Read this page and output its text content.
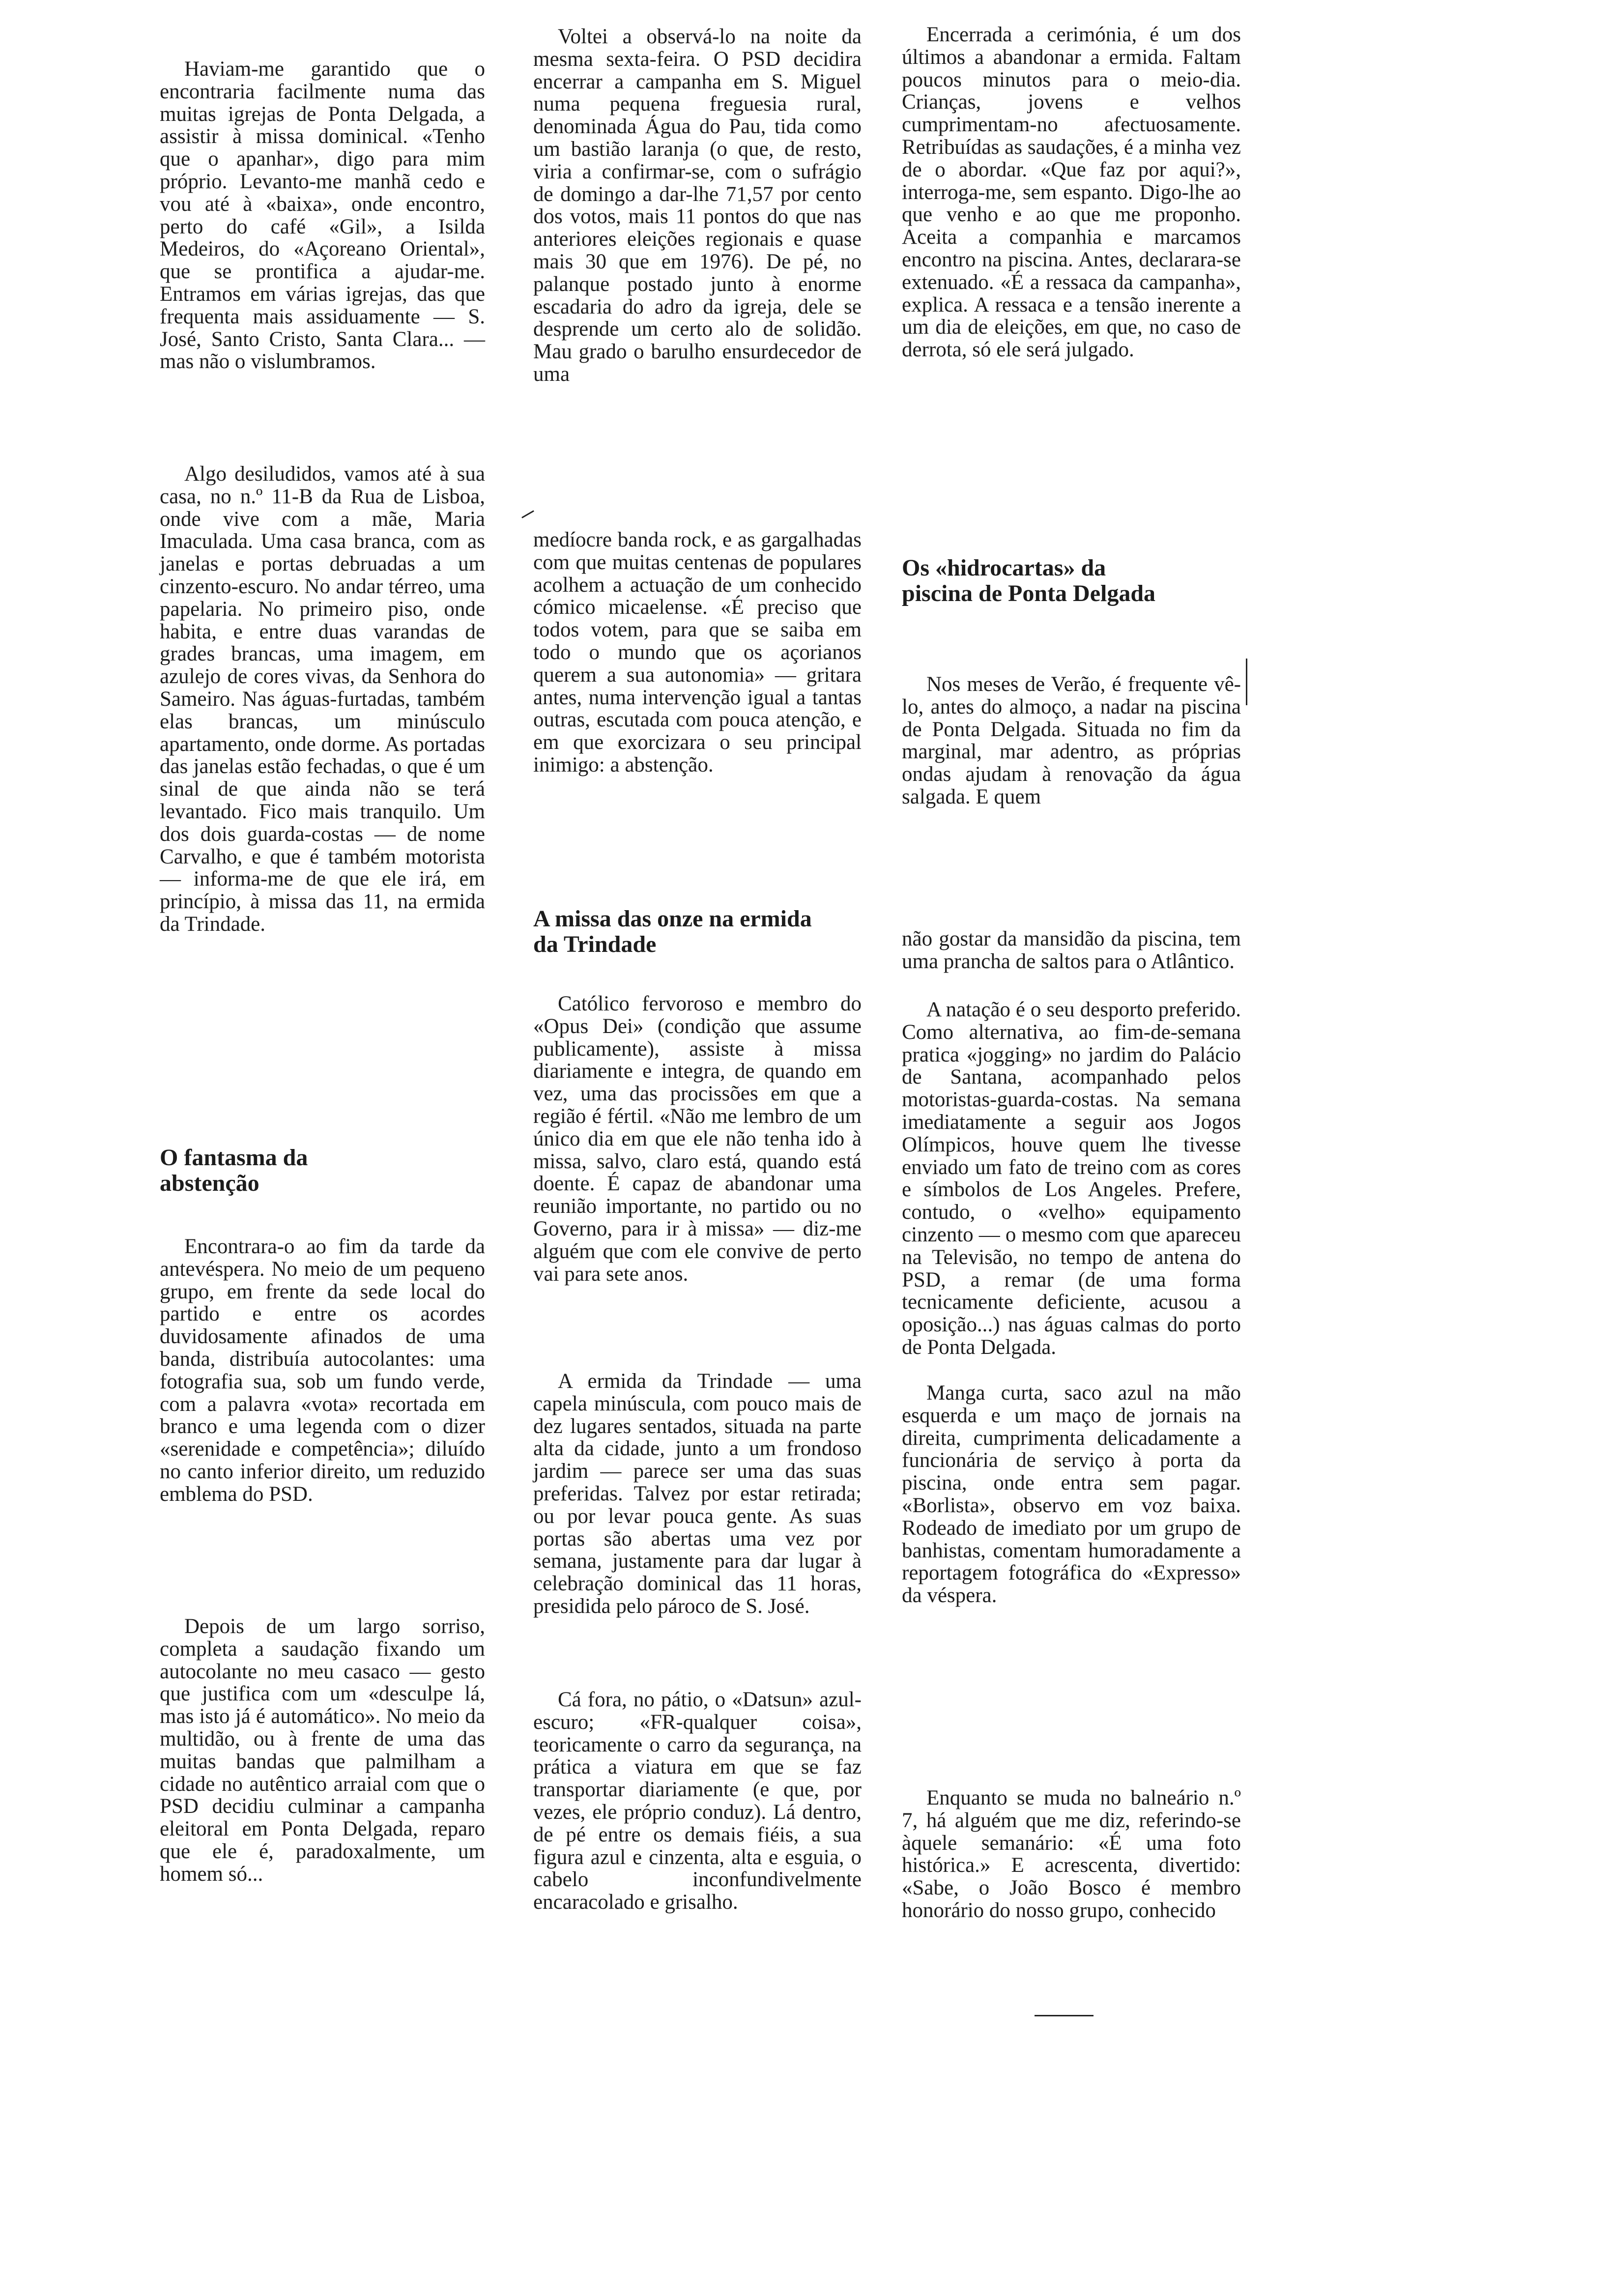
Haviam-me garantido que o encontraria facilmente numa das muitas igrejas de Ponta Delgada, a assistir à missa dominical. «Tenho que o apanhar», digo para mim próprio. Levanto-me manhã cedo e vou até à «baixa», onde encontro, perto do café «Gil», a Isilda Medeiros, do «Açoreano Oriental», que se prontifica a ajudar-me. Entramos em várias igrejas, das que frequenta mais assiduamente — S. José, Santo Cristo, Santa Clara... — mas não o vislumbramos.

Algo desiludidos, vamos até à sua casa, no n.º 11-B da Rua de Lisboa, onde vive com a mãe, Maria Imaculada. Uma casa branca, com as janelas e portas debruadas a um cinzento-escuro. No andar térreo, uma papelaria. No primeiro piso, onde habita, e entre duas varandas de grades brancas, uma imagem, em azulejo de cores vivas, da Senhora do Sameiro. Nas águas-furtadas, também elas brancas, um minúsculo apartamento, onde dorme. As portadas das janelas estão fechadas, o que é um sinal de que ainda não se terá levantado. Fico mais tranquilo. Um dos dois guarda-costas — de nome Carvalho, e que é também motorista — informa-me de que ele irá, em princípio, à missa das 11, na ermida da Trindade.

O fantasma da abstenção

Encontrara-o ao fim da tarde da antevéspera. No meio de um pequeno grupo, em frente da sede local do partido e entre os acordes duvidosamente afinados de uma banda, distribuía autocolantes: uma fotografia sua, sob um fundo verde, com a palavra «vota» recortada em branco e uma legenda com o dizer «serenidade e competência»; diluído no canto inferior direito, um reduzido emblema do PSD.

Depois de um largo sorriso, completa a saudação fixando um autocolante no meu casaco — gesto que justifica com um «desculpe lá, mas isto já é automático». No meio da multidão, ou à frente de uma das muitas bandas que palmilham a cidade no autêntico arraial com que o PSD decidiu culminar a campanha eleitoral em Ponta Delgada, reparo que ele é, paradoxalmente, um homem só...

Voltei a observá-lo na noite da mesma sexta-feira. O PSD decidira encerrar a campanha em S. Miguel numa pequena freguesia rural, denominada Água do Pau, tida como um bastião laranja (o que, de resto, viria a confirmar-se, com o sufrágio de domingo a dar-lhe 71,57 por cento dos votos, mais 11 pontos do que nas anteriores eleições regionais e quase mais 30 que em 1976). De pé, no palanque postado junto à enorme escadaria do adro da igreja, dele se desprende um certo alo de solidão. Mau grado o barulho ensurdecedor de uma

medíocre banda rock, e as gargalhadas com que muitas centenas de populares acolhem a actuação de um conhecido cómico micaelense. «É preciso que todos votem, para que se saiba em todo o mundo que os açorianos querem a sua autonomia» — gritara antes, numa intervenção igual a tantas outras, escutada com pouca atenção, e em que exorcizara o seu principal inimigo: a abstenção.

A missa das onze na ermida da Trindade

Católico fervoroso e membro do «Opus Dei» (condição que assume publicamente), assiste à missa diariamente e integra, de quando em vez, uma das procissões em que a região é fértil. «Não me lembro de um único dia em que ele não tenha ido à missa, salvo, claro está, quando está doente. É capaz de abandonar uma reunião importante, no partido ou no Governo, para ir à missa» — diz-me alguém que com ele convive de perto vai para sete anos.

A ermida da Trindade — uma capela minúscula, com pouco mais de dez lugares sentados, situada na parte alta da cidade, junto a um frondoso jardim — parece ser uma das suas preferidas. Talvez por estar retirada; ou por levar pouca gente. As suas portas são abertas uma vez por semana, justamente para dar lugar à celebração dominical das 11 horas, presidida pelo pároco de S. José.

Cá fora, no pátio, o «Datsun» azul-escuro; «FR-qualquer coisa», teoricamente o carro da segurança, na prática a viatura em que se faz transportar diariamente (e que, por vezes, ele próprio conduz). Lá dentro, de pé entre os demais fiéis, a sua figura azul e cinzenta, alta e esguia, o cabelo inconfundivelmente encaracolado e grisalho.

Encerrada a cerimónia, é um dos últimos a abandonar a ermida. Faltam poucos minutos para o meio-dia. Crianças, jovens e velhos cumprimentam-no afectuosamente. Retribuídas as saudações, é a minha vez de o abordar. «Que faz por aqui?», interroga-me, sem espanto. Digo-lhe ao que venho e ao que me proponho. Aceita a companhia e marcamos encontro na piscina. Antes, declarara-se extenuado. «É a ressaca da campanha», explica. A ressaca e a tensão inerente a um dia de eleições, em que, no caso de derrota, só ele será julgado.

Os «hidrocartas» da piscina de Ponta Delgada

Nos meses de Verão, é frequente vê-lo, antes do almoço, a nadar na piscina de Ponta Delgada. Situada no fim da marginal, mar adentro, as próprias ondas ajudam à renovação da água salgada. E quem

não gostar da mansidão da piscina, tem uma prancha de saltos para o Atlântico.

A natação é o seu desporto preferido. Como alternativa, ao fim-de-semana pratica «jogging» no jardim do Palácio de Santana, acompanhado pelos motoristas-guarda-costas. Na semana imediatamente a seguir aos Jogos Olímpicos, houve quem lhe tivesse enviado um fato de treino com as cores e símbolos de Los Angeles. Prefere, contudo, o «velho» equipamento cinzento — o mesmo com que apareceu na Televisão, no tempo de antena do PSD, a remar (de uma forma tecnicamente deficiente, acusou a oposição...) nas águas calmas do porto de Ponta Delgada.

Manga curta, saco azul na mão esquerda e um maço de jornais na direita, cumprimenta delicadamente a funcionária de serviço à porta da piscina, onde entra sem pagar. «Borlista», observo em voz baixa. Rodeado de imediato por um grupo de banhistas, comentam humoradamente a reportagem fotográfica do «Expresso» da véspera.

Enquanto se muda no balneário n.º 7, há alguém que me diz, referindo-se àquele semanário: «É uma foto histórica.» E acrescenta, divertido: «Sabe, o João Bosco é membro honorário do nosso grupo, conhecido
